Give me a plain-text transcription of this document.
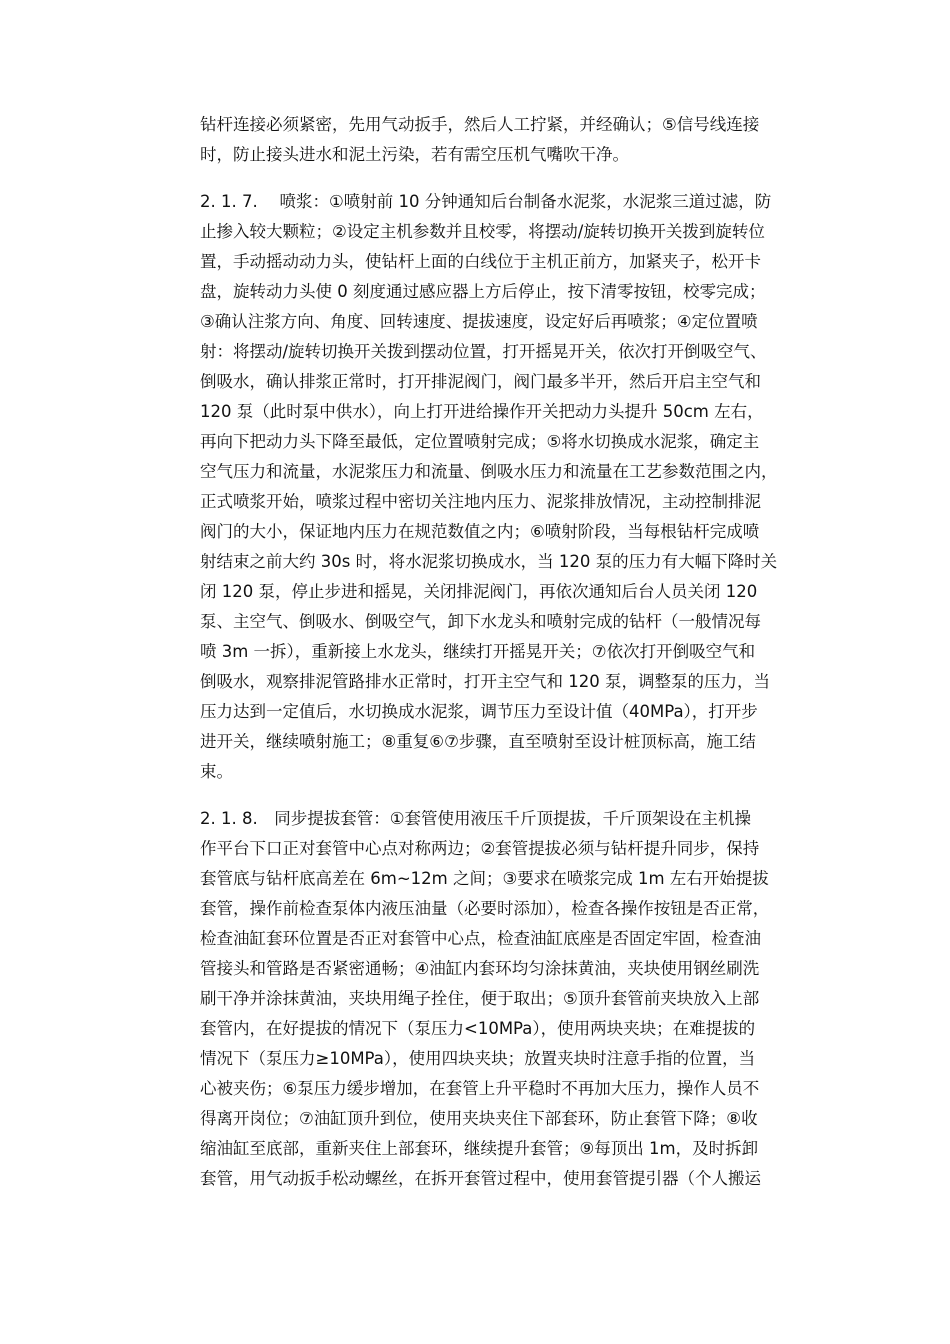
钻杆连接必须紧密，先用气动扳手，然后人工拧紧，并经确认；⑤信号线连接
时，防止接头进水和泥土污染，若有需空压机气嘴吹干净。
2. 1. 7.　 喷浆：①喷射前 10 分钟通知后台制备水泥浆，水泥浆三道过滤，防
止掺入较大颗粒；②设定主机参数并且校零，将摆动/旋转切换开关拨到旋转位
置，手动摇动动力头，使钻杆上面的白线位于主机正前方，加紧夹子，松开卡
盘，旋转动力头使 0 刻度通过感应器上方后停止，按下清零按钮，校零完成；
③确认注浆方向、角度、回转速度、提拔速度，设定好后再喷浆；④定位置喷
射：将摆动/旋转切换开关拨到摆动位置，打开摇晃开关，依次打开倒吸空气、
倒吸水，确认排浆正常时，打开排泥阀门，阀门最多半开，然后开启主空气和
120 泵（此时泵中供水），向上打开进给操作开关把动力头提升 50cm 左右，
再向下把动力头下降至最低，定位置喷射完成；⑤将水切换成水泥浆，确定主
空气压力和流量，水泥浆压力和流量、倒吸水压力和流量在工艺参数范围之内，
正式喷浆开始，喷浆过程中密切关注地内压力、泥浆排放情况，主动控制排泥
阀门的大小，保证地内压力在规范数值之内；⑥喷射阶段，当每根钻杆完成喷
射结束之前大约 30s 时，将水泥浆切换成水，当 120 泵的压力有大幅下降时关
闭 120 泵，停止步进和摇晃，关闭排泥阀门，再依次通知后台人员关闭 120
泵、主空气、倒吸水、倒吸空气，卸下水龙头和喷射完成的钻杆（一般情况每
喷 3m 一拆），重新接上水龙头，继续打开摇晃开关；⑦依次打开倒吸空气和
倒吸水，观察排泥管路排水正常时，打开主空气和 120 泵，调整泵的压力，当
压力达到一定值后，水切换成水泥浆，调节压力至设计值（40MPa），打开步
进开关，继续喷射施工；⑧重复⑥⑦步骤，直至喷射至设计桩顶标高，施工结
束。
2. 1. 8.　同步提拔套管：①套管使用液压千斤顶提拔，千斤顶架设在主机操
作平台下口正对套管中心点对称两边；②套管提拔必须与钻杆提升同步，保持
套管底与钻杆底高差在 6m~12m 之间；③要求在喷浆完成 1m 左右开始提拔
套管，操作前检查泵体内液压油量（必要时添加），检查各操作按钮是否正常，
检查油缸套环位置是否正对套管中心点，检查油缸底座是否固定牢固，检查油
管接头和管路是否紧密通畅；④油缸内套环均匀涂抹黄油，夹块使用钢丝刷洗
刷干净并涂抹黄油，夹块用绳子拴住，便于取出；⑤顶升套管前夹块放入上部
套管内，在好提拔的情况下（泵压力<10MPa），使用两块夹块；在难提拔的
情况下（泵压力≥10MPa），使用四块夹块；放置夹块时注意手指的位置，当
心被夹伤；⑥泵压力缓步增加，在套管上升平稳时不再加大压力，操作人员不
得离开岗位；⑦油缸顶升到位，使用夹块夹住下部套环，防止套管下降；⑧收
缩油缸至底部，重新夹住上部套环，继续提升套管；⑨每顶出 1m，及时拆卸
套管，用气动扳手松动螺丝，在拆开套管过程中，使用套管提引器（个人搬运
